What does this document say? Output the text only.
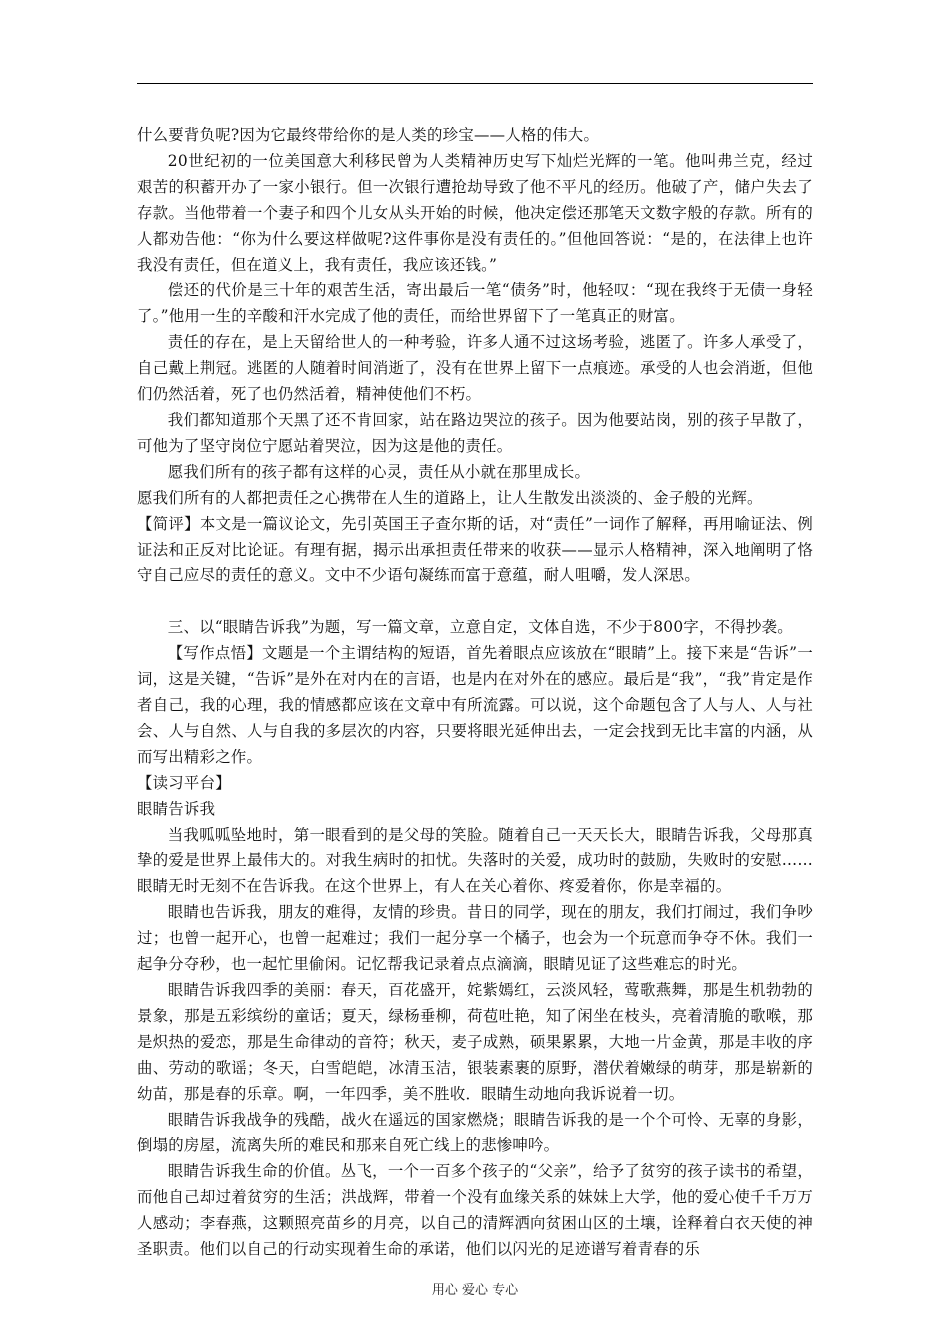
什么要背负呢?因为它最终带给你的是人类的珍宝——人格的伟大。

20世纪初的一位美国意大利移民曾为人类精神历史写下灿烂光辉的一笔。他叫弗兰克，经过艰苦的积蓄开办了一家小银行。但一次银行遭抢劫导致了他不平凡的经历。他破了产，储户失去了存款。当他带着一个妻子和四个儿女从头开始的时候，他决定偿还那笔天文数字般的存款。所有的人都劝告他：“你为什么要这样做呢?这件事你是没有责任的。”但他回答说：“是的，在法律上也许我没有责任，但在道义上，我有责任，我应该还钱。”

偿还的代价是三十年的艰苦生活，寄出最后一笔“债务”时，他轻叹：“现在我终于无债一身轻了。”他用一生的辛酸和汗水完成了他的责任，而给世界留下了一笔真正的财富。

责任的存在，是上天留给世人的一种考验，许多人通不过这场考验，逃匿了。许多人承受了，自己戴上荆冠。逃匿的人随着时间消逝了，没有在世界上留下一点痕迹。承受的人也会消逝，但他们仍然活着，死了也仍然活着，精神使他们不朽。

我们都知道那个天黑了还不肯回家，站在路边哭泣的孩子。因为他要站岗，别的孩子早散了，可他为了坚守岗位宁愿站着哭泣，因为这是他的责任。

愿我们所有的孩子都有这样的心灵，责任从小就在那里成长。

愿我们所有的人都把责任之心携带在人生的道路上，让人生散发出淡淡的、金子般的光辉。

【简评】本文是一篇议论文，先引英国王子查尔斯的话，对“责任”一词作了解释，再用喻证法、例证法和正反对比论证。有理有据，揭示出承担责任带来的收获——显示人格精神，深入地阐明了恪守自己应尽的责任的意义。文中不少语句凝练而富于意蕴，耐人咀嚼，发人深思。

三、以“眼睛告诉我”为题，写一篇文章，立意自定，文体自选，不少于800字，不得抄袭。

【写作点悟】文题是一个主谓结构的短语，首先着眼点应该放在“眼睛”上。接下来是“告诉”一词，这是关键，“告诉”是外在对内在的言语，也是内在对外在的感应。最后是“我”，“我”肯定是作者自己，我的心理，我的情感都应该在文章中有所流露。可以说，这个命题包含了人与人、人与社会、人与自然、人与自我的多层次的内容，只要将眼光延伸出去，一定会找到无比丰富的内涵，从而写出精彩之作。

【读习平台】

眼睛告诉我

当我呱呱坠地时，第一眼看到的是父母的笑脸。随着自己一天天长大，眼睛告诉我，父母那真挚的爱是世界上最伟大的。对我生病时的扣忧。失落时的关爱，成功时的鼓励，失败时的安慰……眼睛无时无刻不在告诉我。在这个世界上，有人在关心着你、疼爱着你，你是幸福的。

眼睛也告诉我，朋友的难得，友情的珍贵。昔日的同学，现在的朋友，我们打闹过，我们争吵过；也曾一起开心，也曾一起难过；我们一起分享一个橘子，也会为一个玩意而争夺不休。我们一起争分夺秒，也一起忙里偷闲。记忆帮我记录着点点滴滴，眼睛见证了这些难忘的时光。

眼睛告诉我四季的美丽：春天，百花盛开，姹紫嫣红，云淡风轻，莺歌燕舞，那是生机勃勃的景象，那是五彩缤纷的童话；夏天，绿杨垂柳，荷苞吐艳，知了闲坐在枝头，亮着清脆的歌喉，那是炽热的爱恋，那是生命律动的音符；秋天，麦子成熟，硕果累累，大地一片金黄，那是丰收的序曲、劳动的歌谣；冬天，白雪皑皑，冰清玉洁，银装素裹的原野，潜伏着嫩绿的萌芽，那是崭新的幼苗，那是春的乐章。啊，一年四季，美不胜收．眼睛生动地向我诉说着一切。

眼睛告诉我战争的残酷，战火在遥远的国家燃烧；眼睛告诉我的是一个个可怜、无辜的身影，倒塌的房屋，流离失所的难民和那来自死亡线上的悲惨呻吟。

眼睛告诉我生命的价值。丛飞，一个一百多个孩子的“父亲”，给予了贫穷的孩子读书的希望，而他自己却过着贫穷的生活；洪战辉，带着一个没有血缘关系的妹妹上大学，他的爱心使千千万万人感动；李春燕，这颗照亮苗乡的月亮，以自己的清辉洒向贫困山区的土壤，诠释着白衣天使的神圣职责。他们以自己的行动实现着生命的承诺，他们以闪光的足迹谱写着青春的乐

用心 爱心 专心
